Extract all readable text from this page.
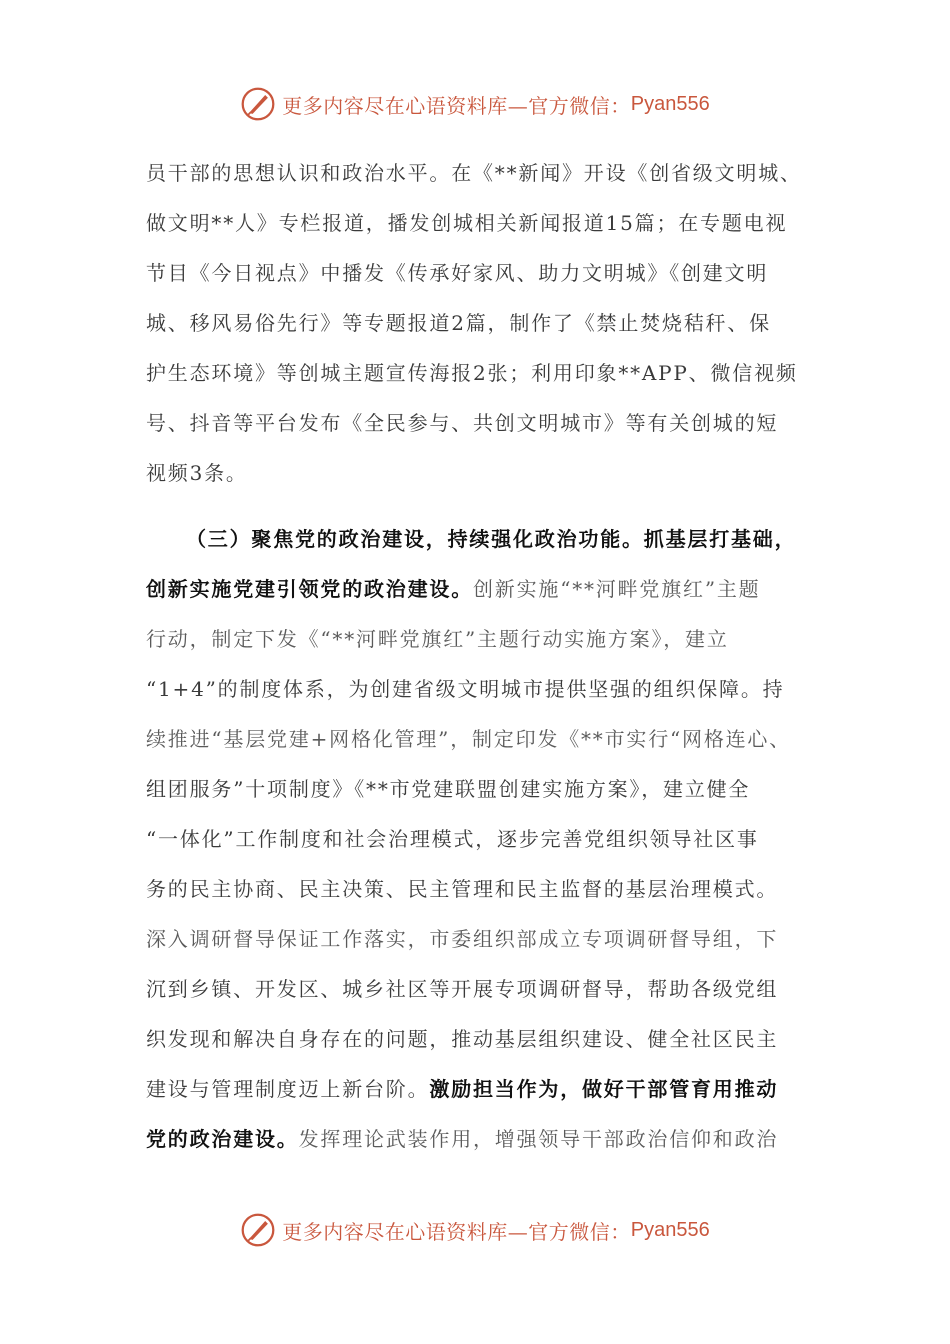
更多内容尽在心语资料库—官方微信： Pyan556
员干部的思想认识和政治水平。在《**新闻》开设《创省级文明城、
做文明**人》专栏报道，播发创城相关新闻报道15篇；在专题电视
节目《今日视点》中播发《传承好家风、助力文明城》《创建文明
城、移风易俗先行》等专题报道2篇，制作了《禁止焚烧秸秆、保
护生态环境》等创城主题宣传海报2张；利用印象**APP、微信视频
号、抖音等平台发布《全民参与、共创文明城市》等有关创城的短
视频3条。
（三）聚焦党的政治建设，持续强化政治功能。抓基层打基础，
创新实施党建引领党的政治建设。创新实施“**河畔党旗红”主题
行动，制定下发《“**河畔党旗红”主题行动实施方案》，建立
“1+4”的制度体系，为创建省级文明城市提供坚强的组织保障。持
续推进“基层党建+网格化管理”，制定印发《**市实行“网格连心、
组团服务”十项制度》《**市党建联盟创建实施方案》，建立健全
“一体化”工作制度和社会治理模式，逐步完善党组织领导社区事
务的民主协商、民主决策、民主管理和民主监督的基层治理模式。
深入调研督导保证工作落实，市委组织部成立专项调研督导组，下
沉到乡镇、开发区、城乡社区等开展专项调研督导，帮助各级党组
织发现和解决自身存在的问题，推动基层组织建设、健全社区民主
建设与管理制度迈上新台阶。激励担当作为，做好干部管育用推动
党的政治建设。发挥理论武装作用，增强领导干部政治信仰和政治
更多内容尽在心语资料库—官方微信： Pyan556
